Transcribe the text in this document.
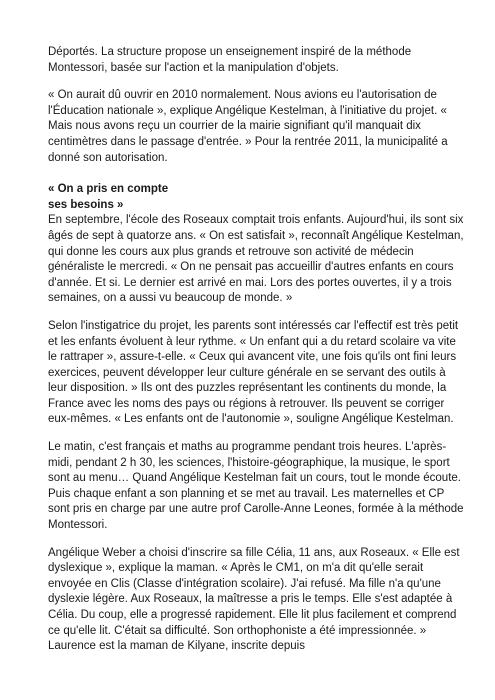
Déportés. La structure propose un enseignement inspiré de la méthode Montessori, basée sur l'action et la manipulation d'objets.

« On aurait dû ouvrir en 2010 normalement. Nous avions eu l'autorisation de l'Éducation nationale », explique Angélique Kestelman, à l'initiative du projet. « Mais nous avons reçu un courrier de la mairie signifiant qu'il manquait dix centimètres dans le passage d'entrée. » Pour la rentrée 2011, la municipalité a donné son autorisation.

« On a pris en compte
ses besoins »

En septembre, l'école des Roseaux comptait trois enfants. Aujourd'hui, ils sont six âgés de sept à quatorze ans. « On est satisfait », reconnaît Angélique Kestelman, qui donne les cours aux plus grands et retrouve son activité de médecin généraliste le mercredi. « On ne pensait pas accueillir d'autres enfants en cours d'année. Et si. Le dernier est arrivé en mai. Lors des portes ouvertes, il y a trois semaines, on a aussi vu beaucoup de monde. »

Selon l'instigatrice du projet, les parents sont intéressés car l'effectif est très petit et les enfants évoluent à leur rythme. « Un enfant qui a du retard scolaire va vite le rattraper », assure-t-elle. « Ceux qui avancent vite, une fois qu'ils ont fini leurs exercices, peuvent développer leur culture générale en se servant des outils à leur disposition. » Ils ont des puzzles représentant les continents du monde, la France avec les noms des pays ou régions à retrouver. Ils peuvent se corriger eux-mêmes. « Les enfants ont de l'autonomie », souligne Angélique Kestelman.

Le matin, c'est français et maths au programme pendant trois heures. L'après-midi, pendant 2 h 30, les sciences, l'histoire-géographique, la musique, le sport sont au menu… Quand Angélique Kestelman fait un cours, tout le monde écoute. Puis chaque enfant a son planning et se met au travail. Les maternelles et CP sont pris en charge par une autre prof Carolle-Anne Leones, formée à la méthode Montessori.

Angélique Weber a choisi d'inscrire sa fille Célia, 11 ans, aux Roseaux. « Elle est dyslexique », explique la maman. « Après le CM1, on m'a dit qu'elle serait envoyée en Clis (Classe d'intégration scolaire). J'ai refusé. Ma fille n'a qu'une dyslexie légère. Aux Roseaux, la maîtresse a pris le temps. Elle s'est adaptée à Célia. Du coup, elle a progressé rapidement. Elle lit plus facilement et comprend ce qu'elle lit. C'était sa difficulté. Son orthophoniste a été impressionnée. » Laurence est la maman de Kilyane, inscrite depuis
